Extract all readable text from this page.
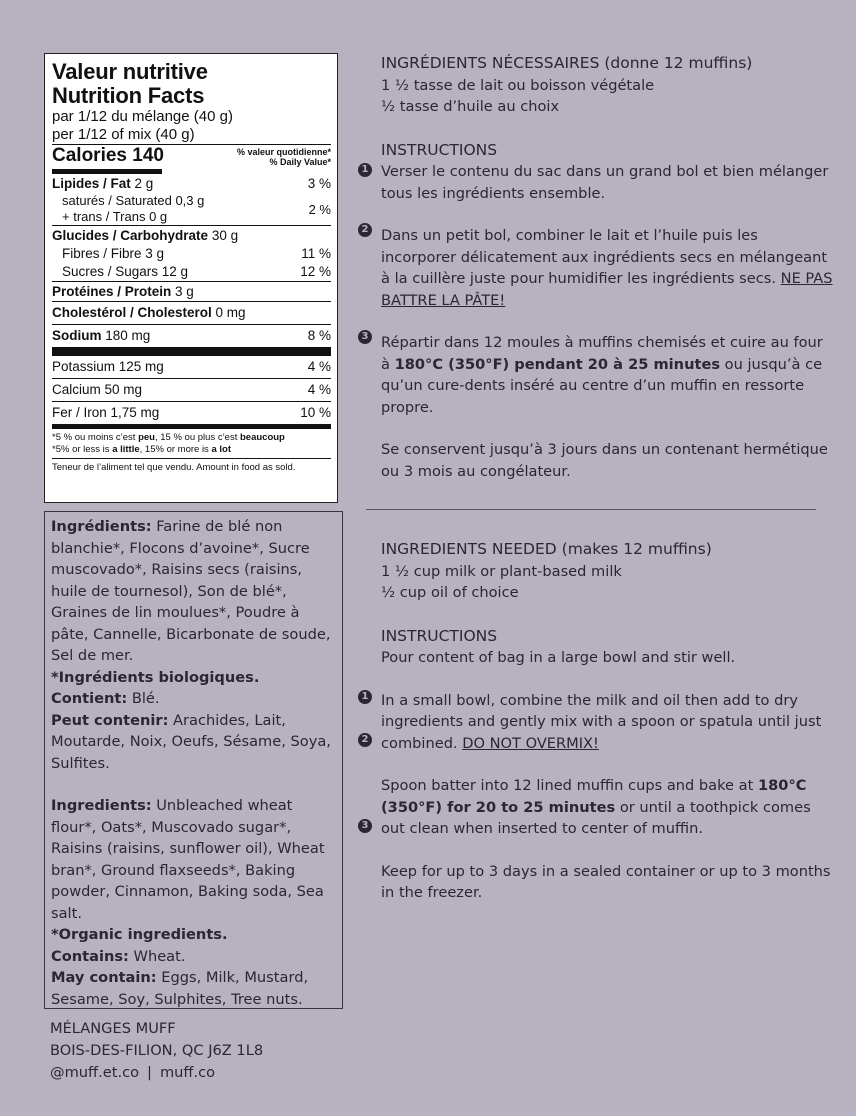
Valeur nutritive
Nutrition Facts
par 1/12 du mélange (40 g)
per 1/12 of mix (40 g)
Calories 140	% valeur quotidienne*
% Daily Value*
Lipides / Fat 2 g	3 %
saturés / Saturated 0,3 g
+ trans / Trans 0 g	2 %
Glucides / Carbohydrate 30 g
Fibres / Fibre 3 g	11 %
Sucres / Sugars 12 g	12 %
Protéines / Protein 3 g
Cholestérol / Cholesterol 0 mg
Sodium 180 mg	8 %
Potassium 125 mg	4 %
Calcium 50 mg	4 %
Fer / Iron 1,75 mg	10 %
*5 % ou moins c’est peu, 15 % ou plus c’est beaucoup
*5% or less is a little, 15% or more is a lot
Teneur de l’aliment tel que vendu. Amount in food as sold.

Ingrédients: Farine de blé non blanchie*, Flocons d’avoine*, Sucre muscovado*, Raisins secs (raisins, huile de tournesol), Son de blé*, Graines de lin moulues*, Poudre à pâte, Cannelle, Bicarbonate de soude, Sel de mer.

*Ingrédients biologiques.

Contient: Blé.

Peut contenir: Arachides, Lait, Moutarde, Noix, Oeufs, Sésame, Soya, Sulfites.

Ingredients: Unbleached wheat flour*, Oats*, Muscovado sugar*, Raisins (raisins, sunflower oil), Wheat bran*, Ground flaxseeds*, Baking powder, Cinnamon, Baking soda, Sea salt.

*Organic ingredients.

Contains: Wheat.

May contain: Eggs, Milk, Mustard, Sesame, Soy, Sulphites, Tree nuts.

MÉLANGES MUFF
BOIS-DES-FILION, QC J6Z 1L8
@muff.et.co | muff.co

INGRÉDIENTS NÉCESSAIRES (donne 12 muffins)

1 ½ tasse de lait ou boisson végétale

½ tasse d’huile au choix

INSTRUCTIONS

Verser le contenu du sac dans un grand bol et bien mélanger tous les ingrédients ensemble.

Dans un petit bol, combiner le lait et l’huile puis les incorporer délicatement aux ingrédients secs en mélangeant à la cuillère juste pour humidifier les ingrédients secs. NE PAS BATTRE LA PÂTE!

Répartir dans 12 moules à muffins chemisés et cuire au four à 180°C (350°F) pendant 20 à 25 minutes ou jusqu’à ce qu’un cure-dents inséré au centre d’un muffin en ressorte propre.

Se conservent jusqu’à 3 jours dans un contenant hermétique ou 3 mois au congélateur.

1
2
3

INGREDIENTS NEEDED (makes 12 muffins)

1 ½ cup milk or plant-based milk

½ cup oil of choice

INSTRUCTIONS

Pour content of bag in a large bowl and stir well.

In a small bowl, combine the milk and oil then add to dry ingredients and gently mix with a spoon or spatula until just combined. DO NOT OVERMIX!

Spoon batter into 12 lined muffin cups and bake at 180°C (350°F) for 20 to 25 minutes or until a toothpick comes out clean when inserted to center of muffin.

Keep for up to 3 days in a sealed container or up to 3 months in the freezer.

1
2
3
